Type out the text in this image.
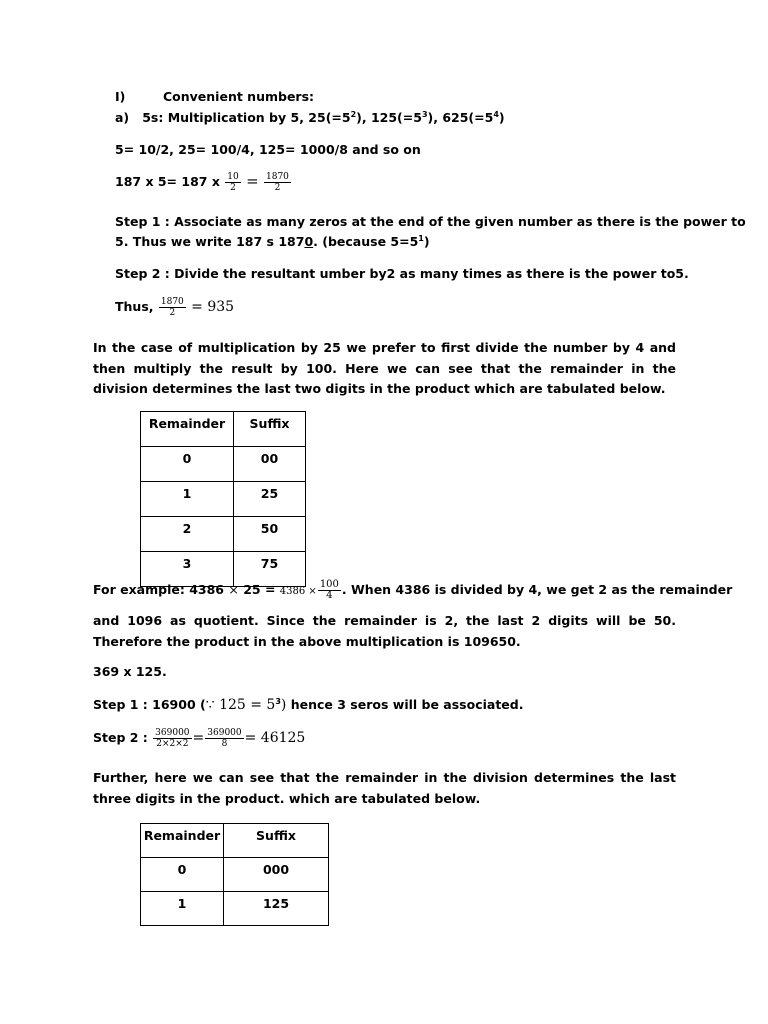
I)	Convenient numbers:
a) 5s: Multiplication by 5, $25(=5^2)$, $125(=5^3)$, $625(=5^4)$
5= 10/2, 25= 100/4, 125= 1000/8 and so on
187 x 5= 187 x $\frac{10}{2} = \frac{1870}{2}$
Step 1 : Associate as many zeros at the end of the given number as there is the power to
5. Thus we write 187 s 1870. (because $5=5^1$)
Step 2 : Divide the resultant umber by2 as many times as there is the power to5.
Thus, $\frac{1870}{2} = 935$
In the case of multiplication by 25 we prefer to first divide the number by 4 and then multiply the result by 100. Here we can see that the remainder in the division determines the last two digits in the product which are tabulated below.
Remainder	Suffix
0	00
1	25
2	50
3	75
For example: $4386 \times 25 = 4386 \times \frac{100}{4}$ . When 4386 is divided by 4, we get 2 as the remainder
and 1096 as quotient. Since the remainder is 2, the last 2 digits will be 50. Therefore the product in the above multiplication is 109650.
369 x 125.
Step 1 : 16900 (∵ $125 = 5^3$) hence 3 seros will be associated.
Step 2 : $\frac{369000}{2\times 2\times 2} = \frac{369000}{8} = 46125$
Further, here we can see that the remainder in the division determines the last three digits in the product. which are tabulated below.
Remainder	Suffix
0	000
1	125
